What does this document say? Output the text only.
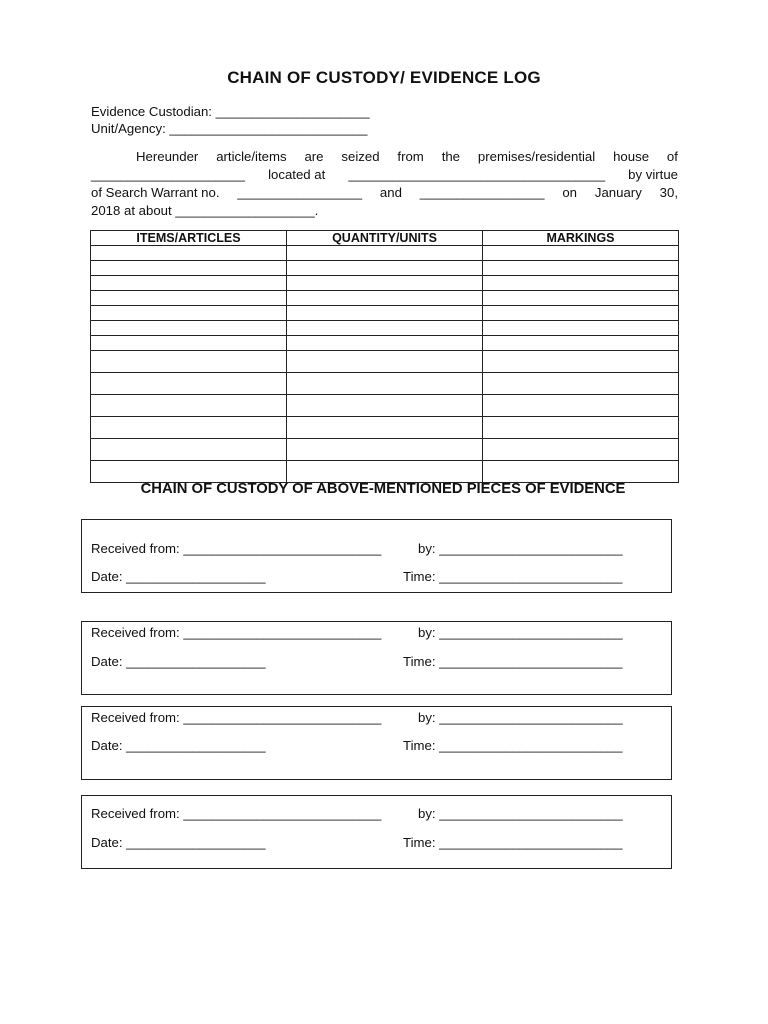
CHAIN OF CUSTODY/ EVIDENCE LOG
Evidence Custodian: _____________________
Unit/Agency: ___________________________
Hereunder article/items are seized from the premises/residential house of
_____________________ located at ___________________________________ by virtue
of Search Warrant no. _________________ and _________________ on January 30,
2018 at about ___________________.
ITEMS/ARTICLES	QUANTITY/UNITS	MARKINGS

CHAIN OF CUSTODY OF ABOVE-MENTIONED PIECES OF EVIDENCE
Received from: ___________________________	by: _________________________
Date: ___________________	Time: _________________________
Received from: ___________________________	by: _________________________
Date: ___________________	Time: _________________________
Received from: ___________________________	by: _________________________
Date: ___________________	Time: _________________________
Received from: ___________________________	by: _________________________
Date: ___________________	Time: _________________________
